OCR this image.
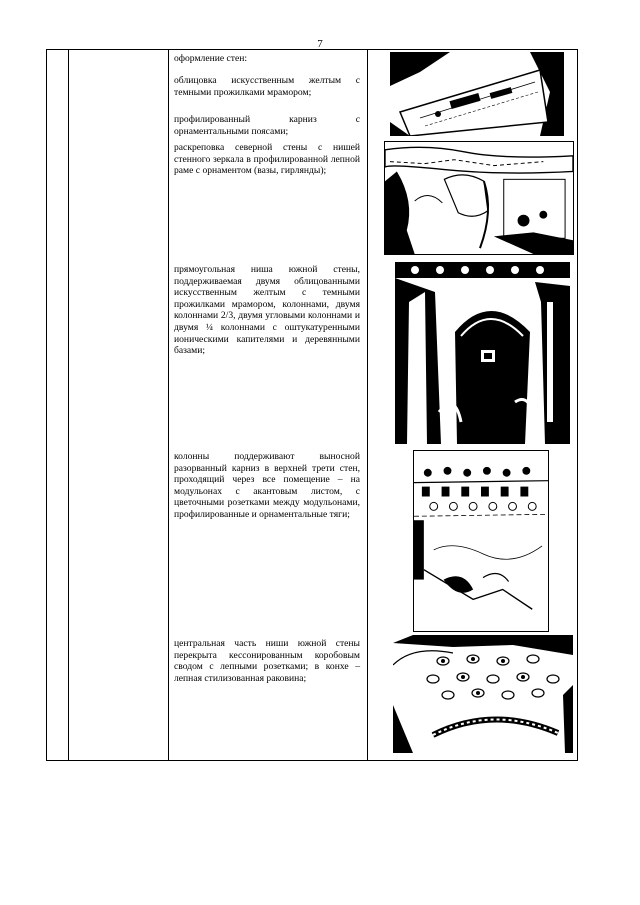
7
оформление стен:
облицовка искусственным желтым с темными прожилками мрамором;
профилированный карниз с орнаментальными поясами;
раскреповка северной стены с нишей стенного зеркала в профилированной лепной раме с орнаментом (вазы, гирлянды);
прямоугольная ниша южной стены, поддерживаемая двумя облицованными искусственным желтым с темными прожилками мрамором, колоннами, двумя колоннами 2/3, двумя угловыми колоннами и двумя ¼ колоннами с оштукатуренными ионическими капителями и деревянными базами;
колонны поддерживают выносной разорванный карниз в верхней трети стен, проходящий через все помещение – на модульонах с акантовым листом, с цветочными розетками между модульонами, профилированные и орнаментальные тяги;
центральная часть ниши южной стены перекрыта кессонированным коробовым сводом с лепными розетками; в конхе – лепная стилизованная раковина;
